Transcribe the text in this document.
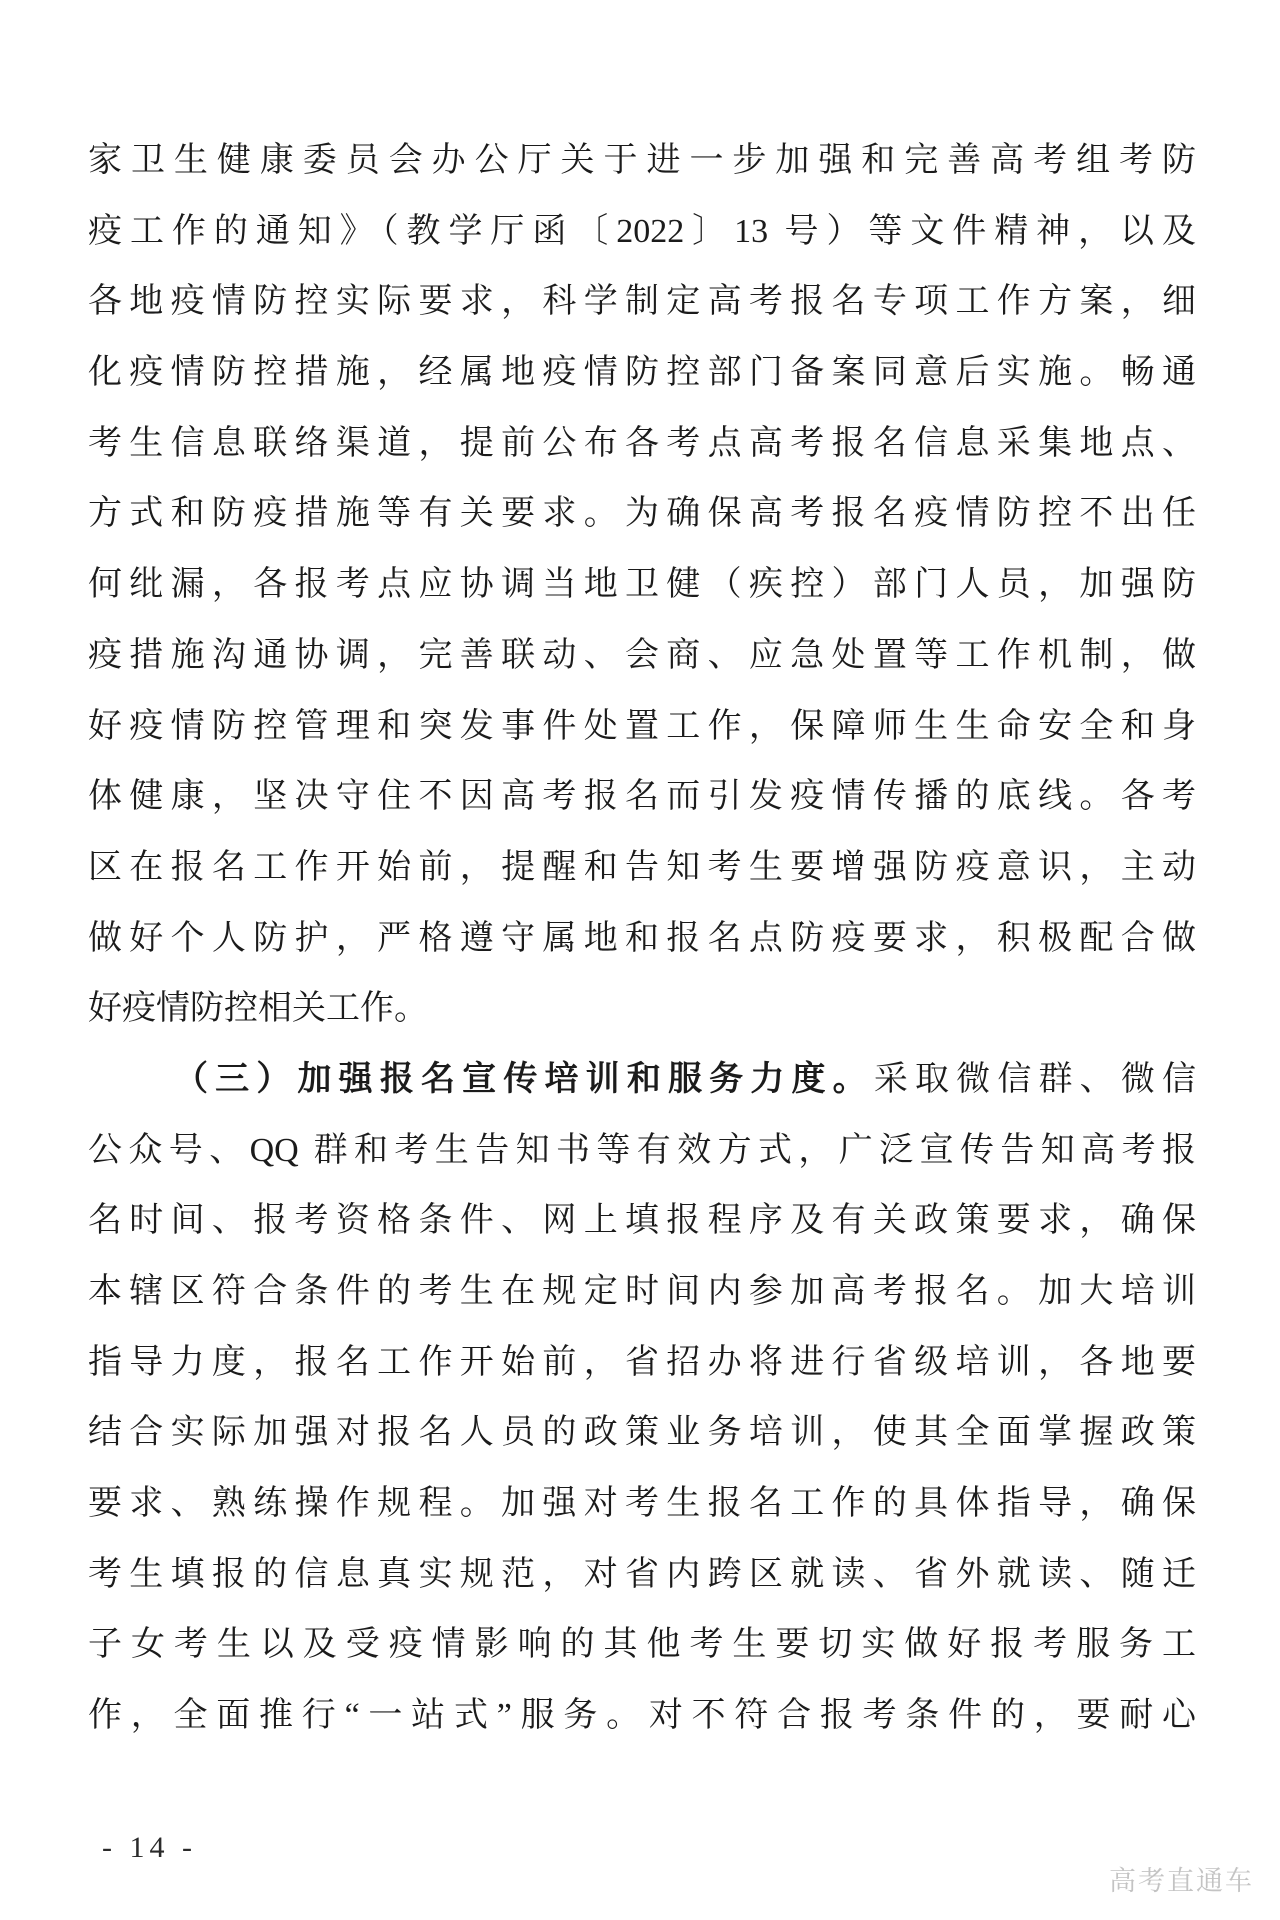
家卫生健康委员会办公厅关于进一步加强和完善高考组考防
疫工作的通知》（教学厅函〔2022〕13 号）等文件精神，以及
各地疫情防控实际要求，科学制定高考报名专项工作方案，细
化疫情防控措施，经属地疫情防控部门备案同意后实施。畅通
考生信息联络渠道，提前公布各考点高考报名信息采集地点、
方式和防疫措施等有关要求。为确保高考报名疫情防控不出任
何纰漏，各报考点应协调当地卫健（疾控）部门人员，加强防
疫措施沟通协调，完善联动、会商、应急处置等工作机制，做
好疫情防控管理和突发事件处置工作，保障师生生命安全和身
体健康，坚决守住不因高考报名而引发疫情传播的底线。各考
区在报名工作开始前，提醒和告知考生要增强防疫意识，主动
做好个人防护，严格遵守属地和报名点防疫要求，积极配合做
好疫情防控相关工作。
（三）加强报名宣传培训和服务力度。采取微信群、微信
公众号、QQ 群和考生告知书等有效方式，广泛宣传告知高考报
名时间、报考资格条件、网上填报程序及有关政策要求，确保
本辖区符合条件的考生在规定时间内参加高考报名。加大培训
指导力度，报名工作开始前，省招办将进行省级培训，各地要
结合实际加强对报名人员的政策业务培训，使其全面掌握政策
要求、熟练操作规程。加强对考生报名工作的具体指导，确保
考生填报的信息真实规范，对省内跨区就读、省外就读、随迁
子女考生以及受疫情影响的其他考生要切实做好报考服务工
作，全面推行“一站式”服务。对不符合报考条件的，要耐心
- 14 -
高考直通车
